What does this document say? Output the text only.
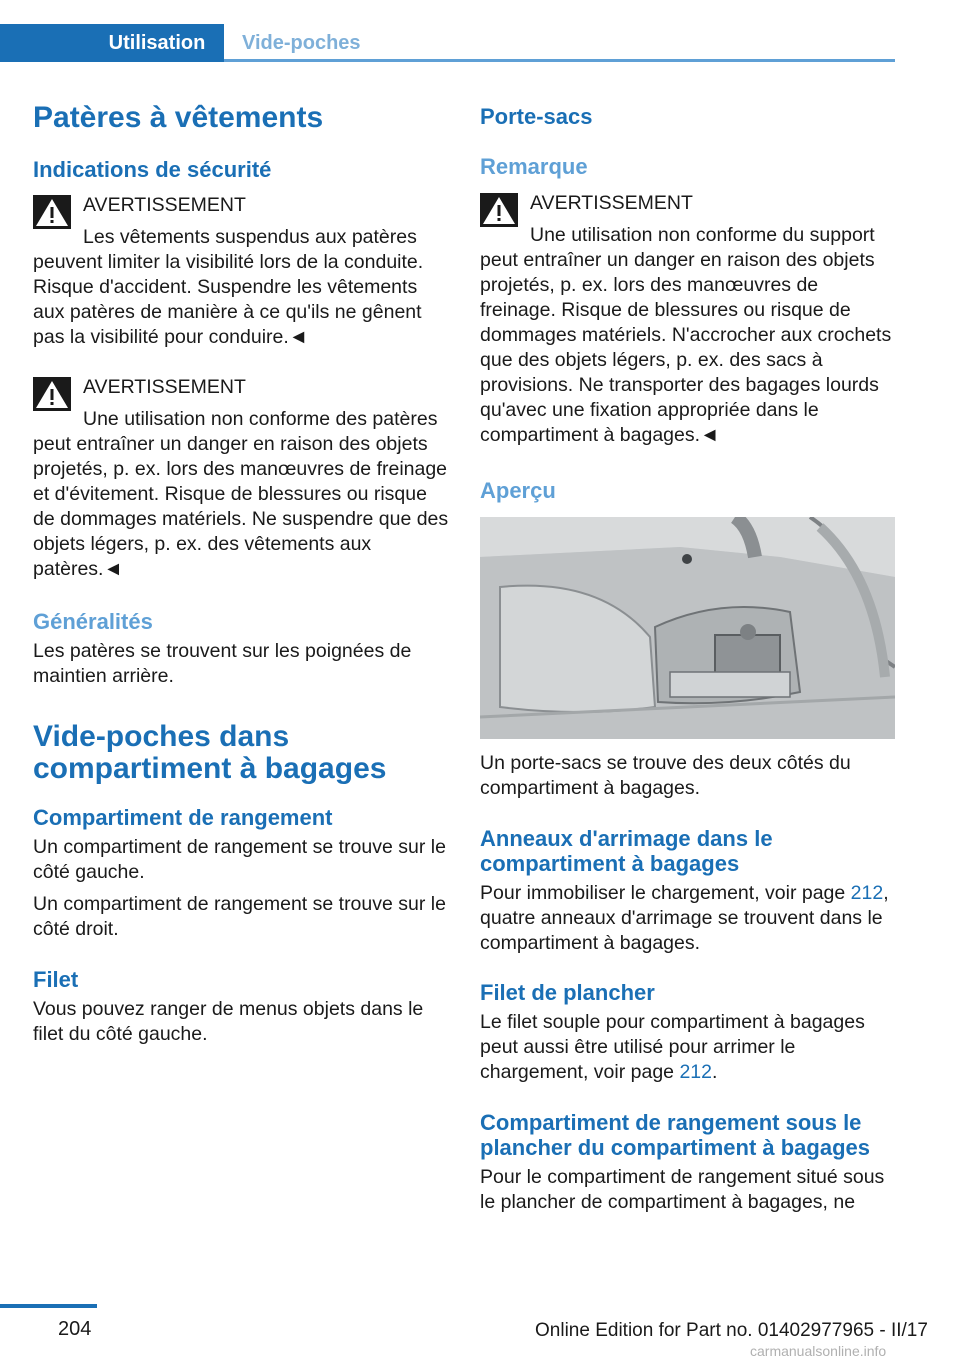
Utilisation	Vide-poches
Patères à vêtements
Indications de sécurité
AVERTISSEMENT

Les vêtements suspendus aux patères peuvent limiter la visibilité lors de la conduite. Risque d'accident. Suspendre les vêtements aux patères de manière à ce qu'ils ne gênent pas la visibilité pour conduire.◄

AVERTISSEMENT

Une utilisation non conforme des patères peut entraîner un danger en raison des objets projetés, p. ex. lors des manœuvres de freinage et d'évitement. Risque de blessures ou risque de dommages matériels. Ne suspendre que des objets légers, p. ex. des vêtements aux patères.◄

Généralités

Les patères se trouvent sur les poignées de maintien arrière.

Vide-poches dans compartiment à bagages
Compartiment de rangement

Un compartiment de rangement se trouve sur le côté gauche.

Un compartiment de rangement se trouve sur le côté droit.

Filet

Vous pouvez ranger de menus objets dans le filet du côté gauche.

Porte-sacs
Remarque
AVERTISSEMENT

Une utilisation non conforme du support peut entraîner un danger en raison des objets projetés, p. ex. lors des manœuvres de freinage. Risque de blessures ou risque de dommages matériels. N'accrocher aux crochets que des objets légers, p. ex. des sacs à provisions. Ne transporter des bagages lourds qu'avec une fixation appropriée dans le compartiment à bagages.◄

Aperçu

Un porte-sacs se trouve des deux côtés du compartiment à bagages.

Anneaux d'arrimage dans le compartiment à bagages

Pour immobiliser le chargement, voir page 212, quatre anneaux d'arrimage se trouvent dans le compartiment à bagages.

Filet de plancher

Le filet souple pour compartiment à bagages peut aussi être utilisé pour arrimer le chargement, voir page 212.

Compartiment de rangement sous le plancher du compartiment à bagages

Pour le compartiment de rangement situé sous le plancher de compartiment à bagages, ne

204	Online Edition for Part no. 01402977965 - II/17
carmanualsonline.info
